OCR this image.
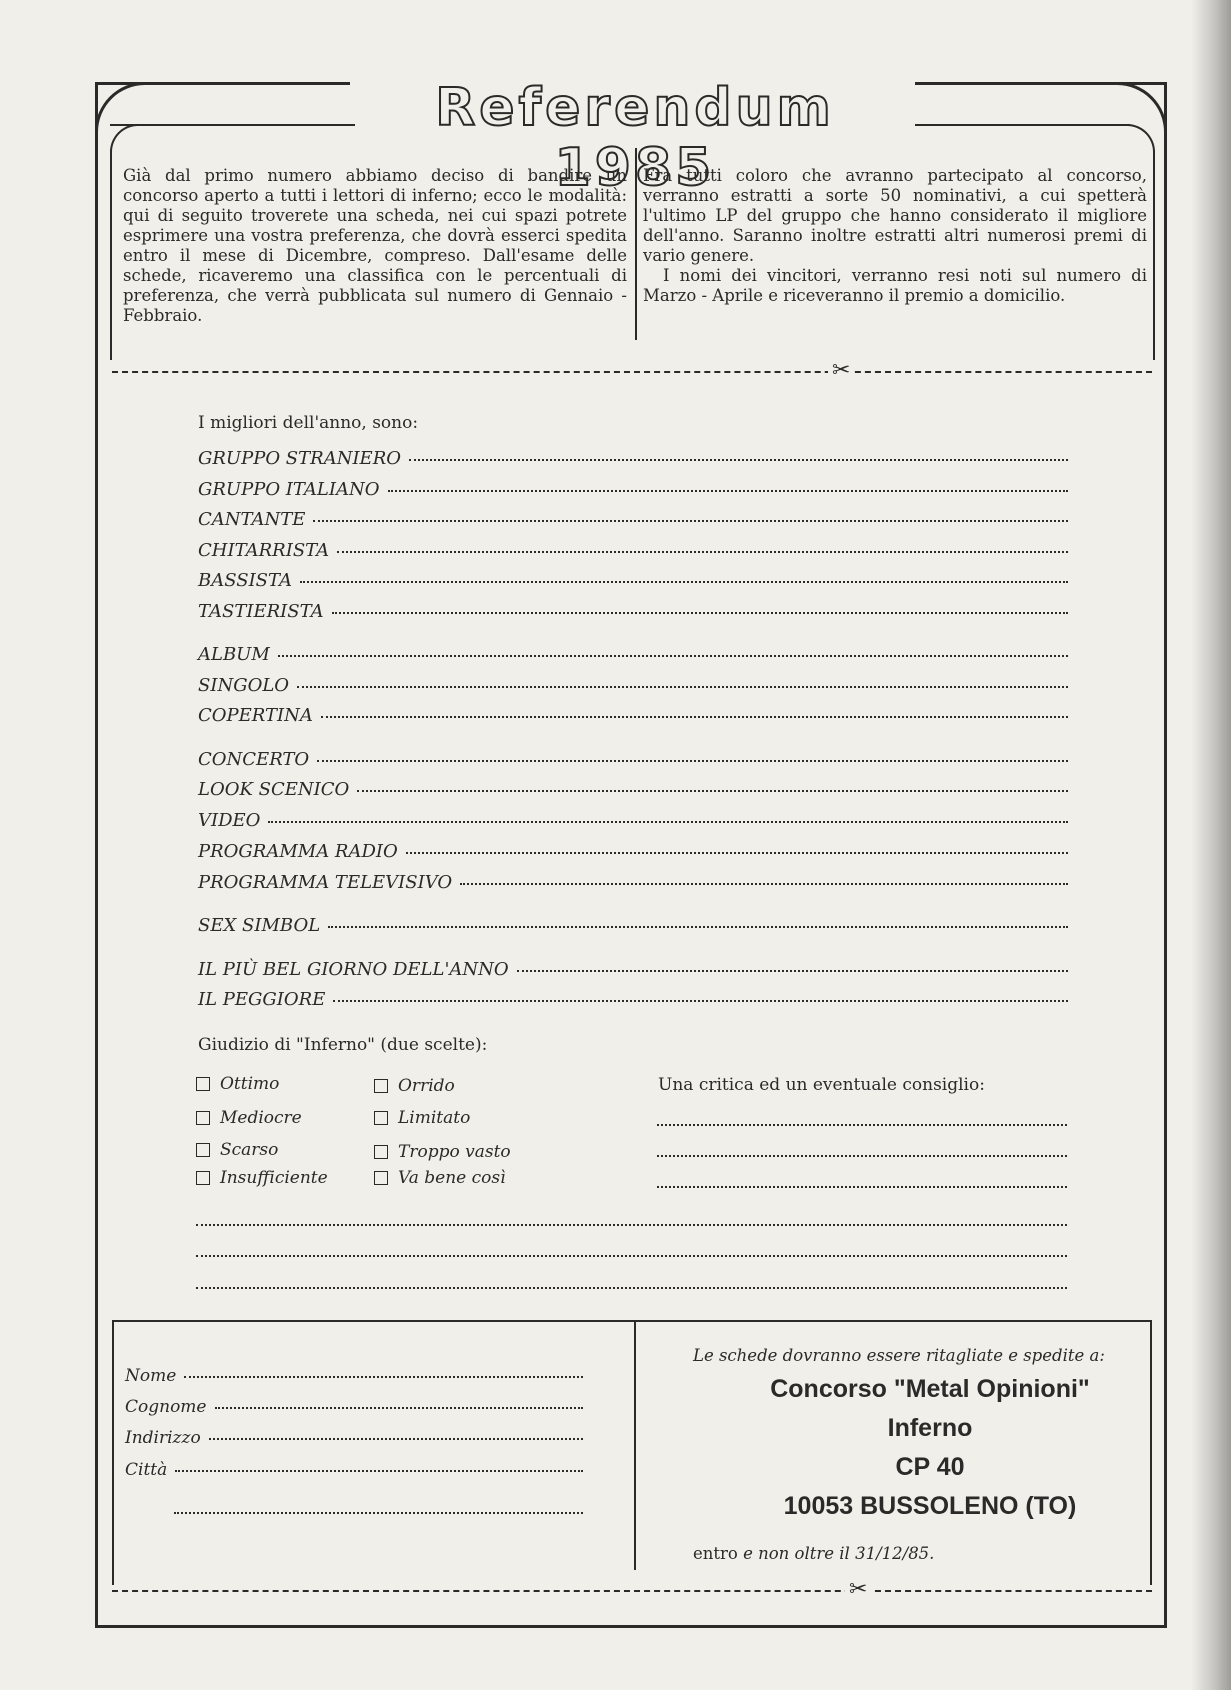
Referendum 1985
Già dal primo numero abbiamo deciso di bandire un concorso aperto a tutti i lettori di inferno; ecco le modalità: qui di seguito troverete una scheda, nei cui spazi potrete esprimere una vostra preferenza, che dovrà esserci spedita entro il mese di Dicembre, compreso. Dall'esame delle schede, ricaveremo una classifica con le percentuali di preferenza, che verrà pubblicata sul numero di Gennaio - Febbraio.
Fra tutti coloro che avranno partecipato al concorso, verranno estratti a sorte 50 nominativi, a cui spetterà l'ultimo LP del gruppo che hanno considerato il migliore dell'anno. Saranno inoltre estratti altri numerosi premi di vario genere.
I nomi dei vincitori, verranno resi noti sul numero di Marzo - Aprile e riceveranno il premio a domicilio.
✂
I migliori dell'anno, sono:
GRUPPO STRANIERO
GRUPPO ITALIANO
CANTANTE
CHITARRISTA
BASSISTA
TASTIERISTA
ALBUM
SINGOLO
COPERTINA
CONCERTO
LOOK SCENICO
VIDEO
PROGRAMMA RADIO
PROGRAMMA TELEVISIVO
SEX SIMBOL
IL PIÙ BEL GIORNO DELL'ANNO
IL PEGGIORE
Giudizio di "Inferno" (due scelte):
Ottimo
Mediocre
Scarso
Insufficiente
Orrido
Limitato
Troppo vasto
Va bene così
Una critica ed un eventuale consiglio:
Nome
Cognome
Indirizzo
Città
Le schede dovranno essere ritagliate e spedite a:
Concorso "Metal Opinioni"
Inferno
CP 40
10053 BUSSOLENO (TO)
entro e non oltre il 31/12/85.
✂
